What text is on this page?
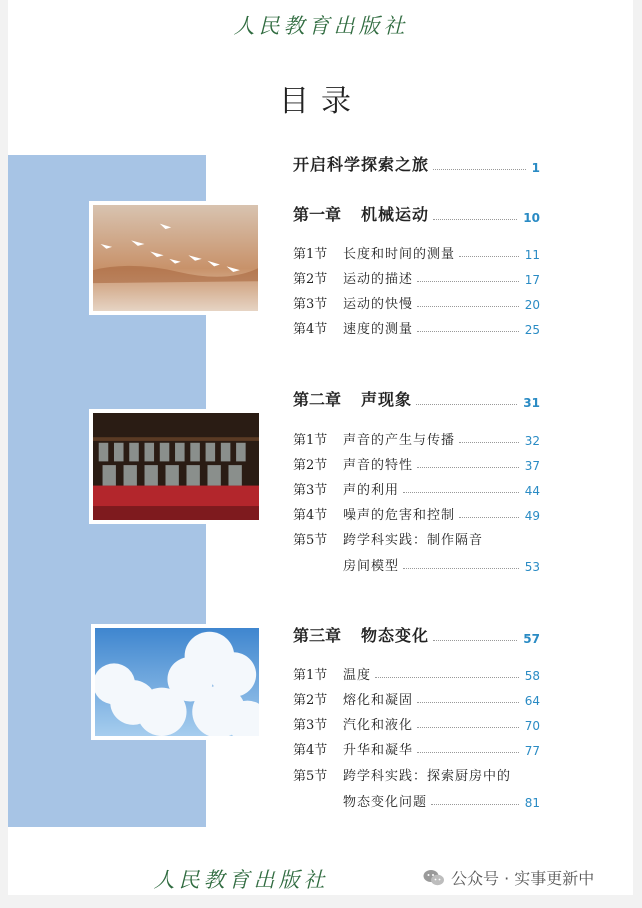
人民教育出版社
目录
开启科学探索之旅	1
第一章	机械运动	10
第1节	长度和时间的测量	11
第2节	运动的描述	17
第3节	运动的快慢	20
第4节	速度的测量	25
第二章	声现象	31
第1节	声音的产生与传播	32
第2节	声音的特性	37
第3节	声的利用	44
第4节	噪声的危害和控制	49
第5节	跨学科实践：制作隔音
房间模型	53
第三章	物态变化	57
第1节	温度	58
第2节	熔化和凝固	64
第3节	汽化和液化	70
第4节	升华和凝华	77
第5节	跨学科实践：探索厨房中的
物态变化问题	81
人民教育出版社	公众号 · 实事更新中
